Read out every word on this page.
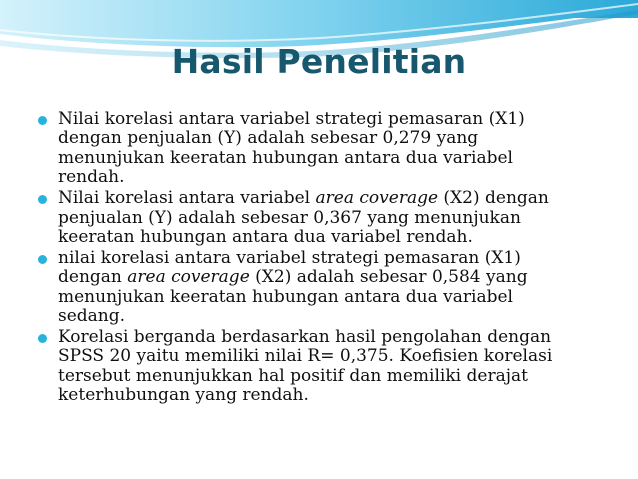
Hasil Penelitian
Nilai korelasi antara variabel strategi pemasaran (X1)
dengan penjualan (Y) adalah sebesar 0,279 yang
menunjukan keeratan hubungan antara dua variabel
rendah.
Nilai korelasi antara variabel area coverage (X2) dengan
penjualan (Y) adalah sebesar 0,367 yang menunjukan
keeratan hubungan antara dua variabel rendah.
nilai korelasi antara variabel strategi pemasaran (X1)
dengan area coverage (X2) adalah sebesar 0,584 yang
menunjukan keeratan hubungan antara dua variabel
sedang.
Korelasi berganda berdasarkan hasil pengolahan dengan
SPSS 20 yaitu memiliki nilai R= 0,375. Koefisien korelasi
tersebut menunjukkan hal positif dan memiliki derajat
keterhubungan yang rendah.
